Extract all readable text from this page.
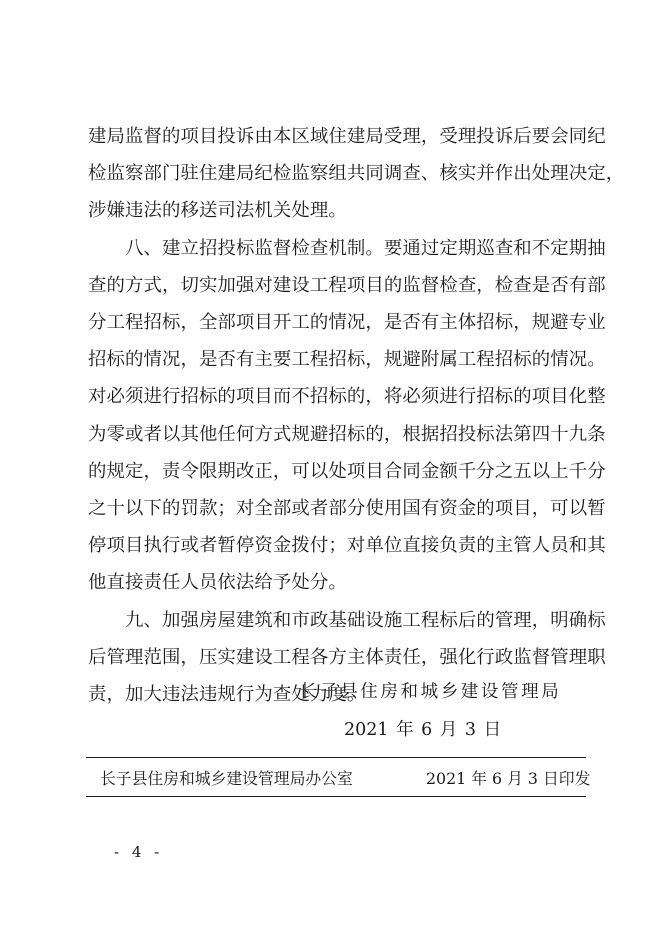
建局监督的项目投诉由本区域住建局受理，受理投诉后要会同纪
检监察部门驻住建局纪检监察组共同调查、核实并作出处理决定，
涉嫌违法的移送司法机关处理。

八、建立招投标监督检查机制。要通过定期巡查和不定期抽
查的方式，切实加强对建设工程项目的监督检查，检查是否有部
分工程招标，全部项目开工的情况，是否有主体招标，规避专业
招标的情况，是否有主要工程招标，规避附属工程招标的情况。
对必须进行招标的项目而不招标的，将必须进行招标的项目化整
为零或者以其他任何方式规避招标的，根据招投标法第四十九条
的规定，责令限期改正，可以处项目合同金额千分之五以上千分
之十以下的罚款；对全部或者部分使用国有资金的项目，可以暂
停项目执行或者暂停资金拨付；对单位直接负责的主管人员和其
他直接责任人员依法给予处分。

九、加强房屋建筑和市政基础设施工程标后的管理，明确标
后管理范围，压实建设工程各方主体责任，强化行政监督管理职
责，加大违法违规行为查处力度。

长子县住房和城乡建设管理局
2021 年 6 月 3 日
长子县住房和城乡建设管理局办公室	2021 年 6 月 3 日印发
- 4 -
